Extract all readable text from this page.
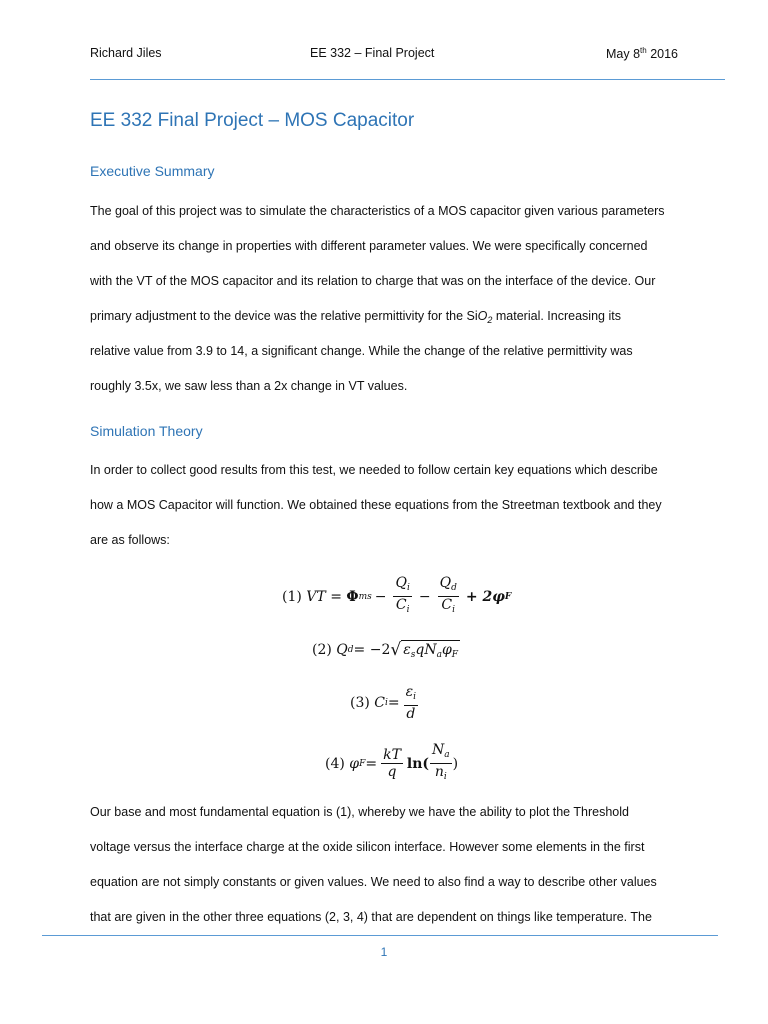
Richard Jiles	EE 332 – Final Project	May 8th 2016
EE 332 Final Project – MOS Capacitor
Executive Summary
The goal of this project was to simulate the characteristics of a MOS capacitor given various parameters
and observe its change in properties with different parameter values. We were specifically concerned
with the VT of the MOS capacitor and its relation to charge that was on the interface of the device. Our
primary adjustment to the device was the relative permittivity for the SiO$_2$ material. Increasing its
relative value from 3.9 to 14, a significant change. While the change of the relative permittivity was
roughly 3.5x, we saw less than a 2x change in VT values.
Simulation Theory
In order to collect good results from this test, we needed to follow certain key equations which describe
how a MOS Capacitor will function. We obtained these equations from the Streetman textbook and they
are as follows:
(1)
VT =
Φ ms − $\frac{Q_i}{C_i} - \frac{Q_d}{C_i} + 2\varphi$ F
(2)
Q d = −2 √ $\varepsilon_sqN_a\varphi_F$
(3)
C $i = \frac{\varepsilon_i}{d}$
(4)
φ $F = \frac{kT}{q} \ln( \frac{N_a}{n_i}$ )
Our base and most fundamental equation is (1), whereby we have the ability to plot the Threshold
voltage versus the interface charge at the oxide silicon interface. However some elements in the first
equation are not simply constants or given values. We need to also find a way to describe other values
that are given in the other three equations (2, 3, 4) that are dependent on things like temperature. The
1
